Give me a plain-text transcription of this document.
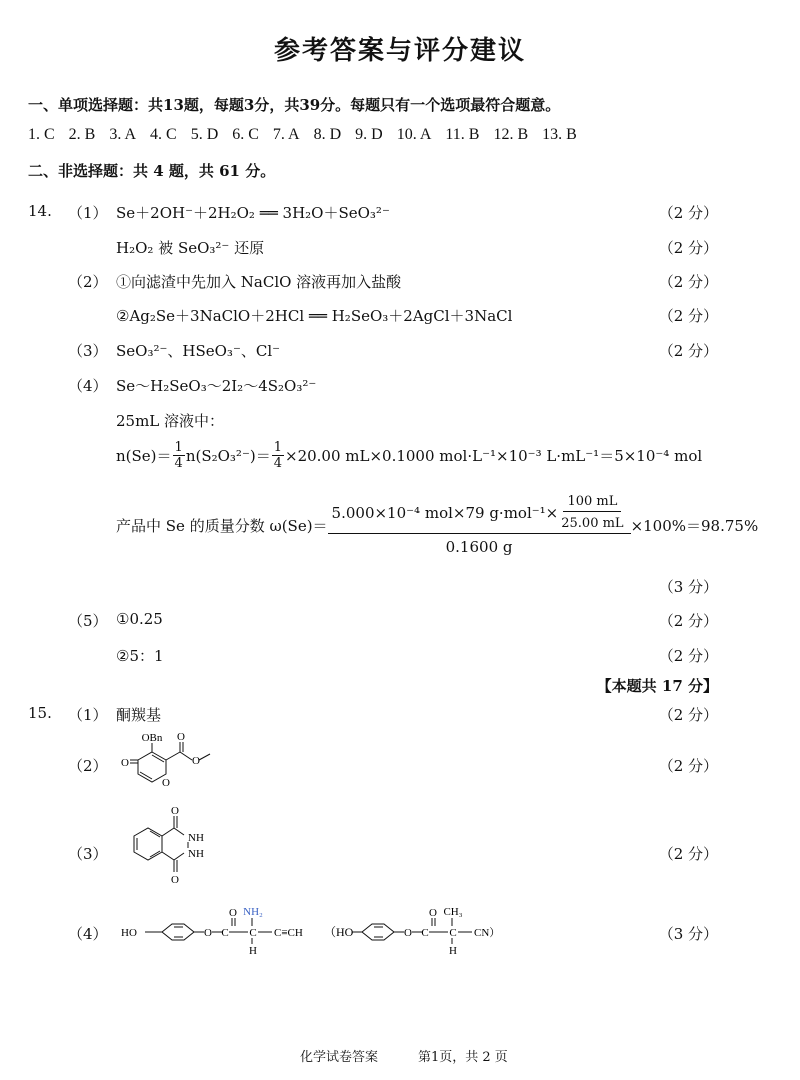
参考答案与评分建议
一、单项选择题：共13题，每题3分，共39分。每题只有一个选项最符合题意。
1. C 2. B 3. A 4. C 5. D 6. C 7. A 8. D 9. D 10. A 11. B 12. B 13. B
二、非选择题：共 4 题，共 61 分。
14. （1） Se＋2OH⁻＋2H₂O₂ ══ 3H₂O＋SeO₃²⁻	（2 分）
H₂O₂ 被 SeO₃²⁻ 还原	（2 分）
（2） ①向滤渣中先加入 NaClO 溶液再加入盐酸	（2 分）
②Ag₂Se＋3NaClO＋2HCl ══ H₂SeO₃＋2AgCl＋3NaCl	（2 分）
（3） SeO₃²⁻、HSeO₃⁻、Cl⁻	（2 分）
（4） Se～H₂SeO₃～2I₂～4S₂O₃²⁻
25mL 溶液中：
$n(Se)= \frac{1}{4} n(S_2O_3^{2-})= \frac{1}{4} \times 20.00$ mL×0.1000 mol·L⁻¹×10⁻³ L·mL⁻¹＝5×10⁻⁴ mol
产品中 Se 的质量分数 $\omega(Se)= \frac{5.000\times 10^{-4} mol\times 79 g\cdot mol^{-1}\times \frac{100 mL}{25.00 mL}}{0.1600 g} \times 100\%=98.75\%$
（3 分）
（5） ①0.25	（2 分）
②5：1	（2 分）
【本题共 17 分】
15. （1） 酮羰基	（2 分）
（2）	（2 分）
OBn O
O
O
O
（3）	（2 分）
O
O
NH
NH
（4）	（3 分）
HO	O C
O
C
NH₂
H
C≡CH （HO	O C
O
C
CH₃
H
CN）
化学试卷答案	第1页，共 2 页
